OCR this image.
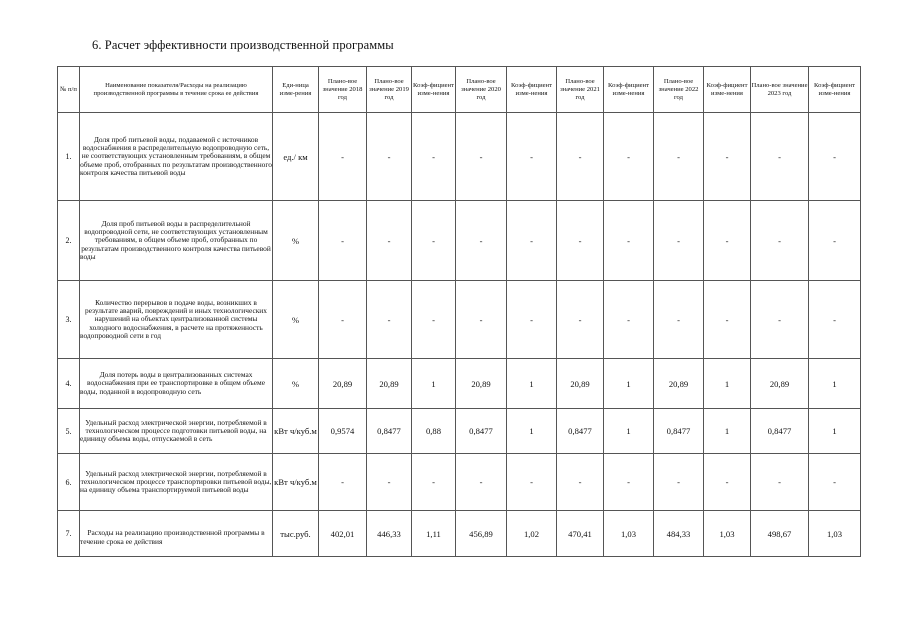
6. Расчет эффективности производственной программы
№ п/п	Наименование показателя/Расходы на реализацию производственной программы в течение срока ее действия	Еди-ница изме-рения	Плано-вое значение 2018 год	Плано-вое значение 2019 год	Коэф-фициент изме-нения	Плано-вое значение 2020 год	Коэф-фициент изме-нения	Плано-вое значение 2021 год	Коэф-фициент изме-нения	Плано-вое значение 2022 год	Коэф-фициент изме-нения	Плано-вое значение 2023 год	Коэф-фициент изме-нения
1.	Доля проб питьевой воды, подаваемой с источников водоснабжения в распределительную водопроводную сеть, не соответствующих установленным требованиям, в общем объеме проб, отобранных по результатам производственного контроля качества питьевой воды	ед./ км	-	-	-	-	-	-	-	-	-	-	-
2.	Доля проб питьевой воды в распределительной водопроводной сети, не соответствующих установленным требованиям, в общем объеме проб, отобранных по результатам производственного контроля качества питьевой воды	%	-	-	-	-	-	-	-	-	-	-	-
3.	Количество перерывов в подаче воды, возникших в результате аварий, повреждений и иных технологических нарушений на объектах централизованной системы холодного водоснабжения, в расчете на протяженность водопроводной сети в год	%	-	-	-	-	-	-	-	-	-	-	-
4.	Доля потерь воды в централизованных системах водоснабжения при ее транспортировке в общем объеме воды, поданной в водопроводную сеть	%	20,89	20,89	1	20,89	1	20,89	1	20,89	1	20,89	1
5.	Удельный расход электрической энергии, потребляемой в технологическом процессе подготовки питьевой воды, на единицу объема воды, отпускаемой в сеть	кВт ч/куб.м	0,9574	0,8477	0,88	0,8477	1	0,8477	1	0,8477	1	0,8477	1
6.	Удельный расход электрической энергии, потребляемой в технологическом процессе транспортировки питьевой воды, на единицу объема транспортируемой питьевой воды	кВт ч/куб.м	-	-	-	-	-	-	-	-	-	-	-
7.	Расходы на реализацию производственной программы в течение срока ее действия	тыс.руб.	402,01	446,33	1,11	456,89	1,02	470,41	1,03	484,33	1,03	498,67	1,03
